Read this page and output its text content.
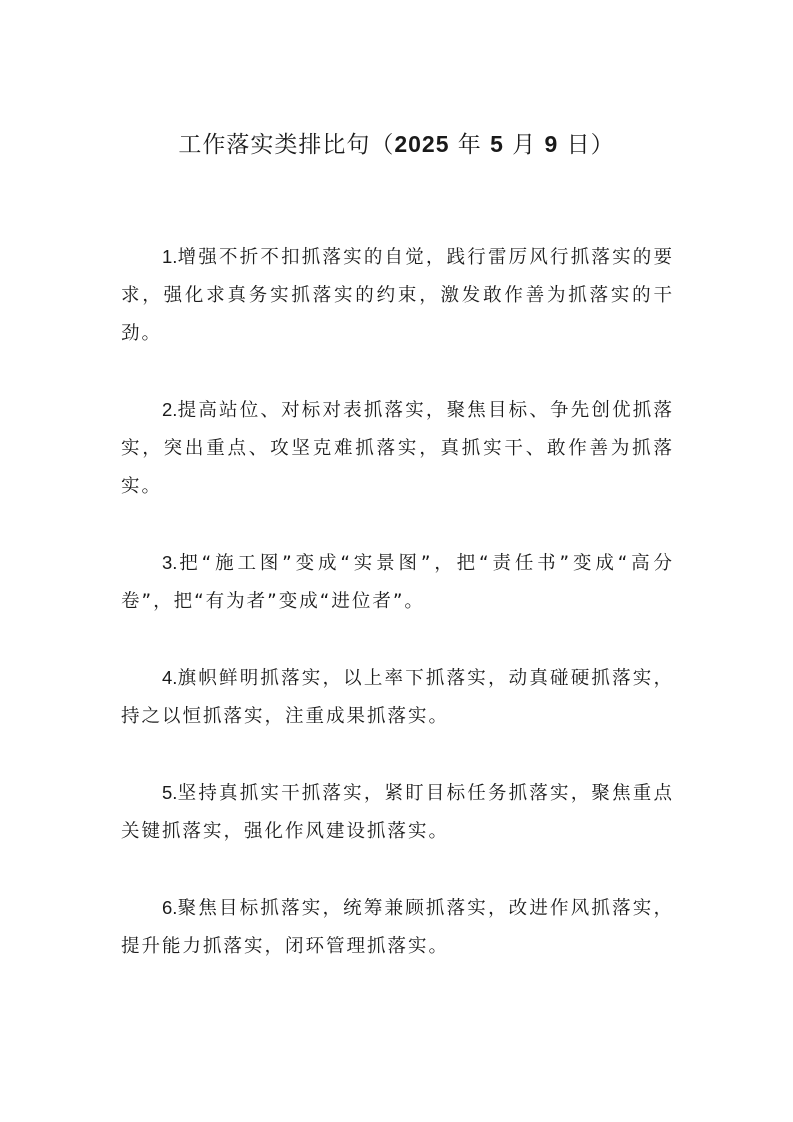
工作落实类排比句（2025 年 5 月 9 日）

1.增强不折不扣抓落实的自觉，践行雷厉风行抓落实的要求，强化求真务实抓落实的约束，激发敢作善为抓落实的干劲。

2.提高站位、对标对表抓落实，聚焦目标、争先创优抓落实，突出重点、攻坚克难抓落实，真抓实干、敢作善为抓落实。

3.把“施工图”变成“实景图”，把“责任书”变成“高分卷”，把“有为者”变成“进位者”。

4.旗帜鲜明抓落实，以上率下抓落实，动真碰硬抓落实，持之以恒抓落实，注重成果抓落实。

5.坚持真抓实干抓落实，紧盯目标任务抓落实，聚焦重点关键抓落实，强化作风建设抓落实。

6.聚焦目标抓落实，统筹兼顾抓落实，改进作风抓落实，提升能力抓落实，闭环管理抓落实。
